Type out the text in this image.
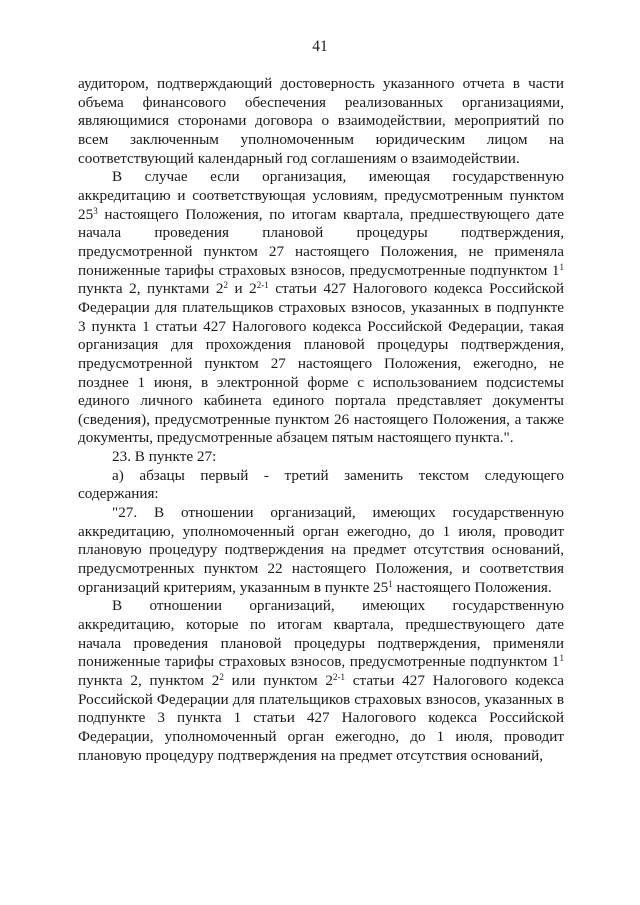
41

аудитором, подтверждающий достоверность указанного отчета в части объема финансового обеспечения реализованных организациями, являющимися сторонами договора о взаимодействии, мероприятий по всем заключенным уполномоченным юридическим лицом на соответствующий календарный год соглашениям о взаимодействии.

В случае если организация, имеющая государственную аккредитацию и соответствующая условиям, предусмотренным пунктом $25^3$ настоящего Положения, по итогам квартала, предшествующего дате начала проведения плановой процедуры подтверждения, предусмотренной пунктом 27 настоящего Положения, не применяла пониженные тарифы страховых взносов, предусмотренные подпунктом $1^1$ пункта 2, пунктами $2^2$ и 2$^{2-1}$ статьи 427 Налогового кодекса Российской Федерации для плательщиков страховых взносов, указанных в подпункте 3 пункта 1 статьи 427 Налогового кодекса Российской Федерации, такая организация для прохождения плановой процедуры подтверждения, предусмотренной пунктом 27 настоящего Положения, ежегодно, не позднее 1 июня, в электронной форме с использованием подсистемы единого личного кабинета единого портала представляет документы (сведения), предусмотренные пунктом 26 настоящего Положения, а также документы, предусмотренные абзацем пятым настоящего пункта.".

23. В пункте 27:

а) абзацы первый - третий заменить текстом следующего содержания:

"27. В отношении организаций, имеющих государственную аккредитацию, уполномоченный орган ежегодно, до 1 июля, проводит плановую процедуру подтверждения на предмет отсутствия оснований, предусмотренных пунктом 22 настоящего Положения, и соответствия организаций критериям, указанным в пункте $25^1$ настоящего Положения.

В отношении организаций, имеющих государственную аккредитацию, которые по итогам квартала, предшествующего дате начала проведения плановой процедуры подтверждения, применяли пониженные тарифы страховых взносов, предусмотренные подпунктом $1^1$ пункта 2, пунктом $2^2$ или пунктом 2$^{2-1}$ статьи 427 Налогового кодекса Российской Федерации для плательщиков страховых взносов, указанных в подпункте 3 пункта 1 статьи 427 Налогового кодекса Российской Федерации, уполномоченный орган ежегодно, до 1 июля, проводит плановую процедуру подтверждения на предмет отсутствия оснований,
